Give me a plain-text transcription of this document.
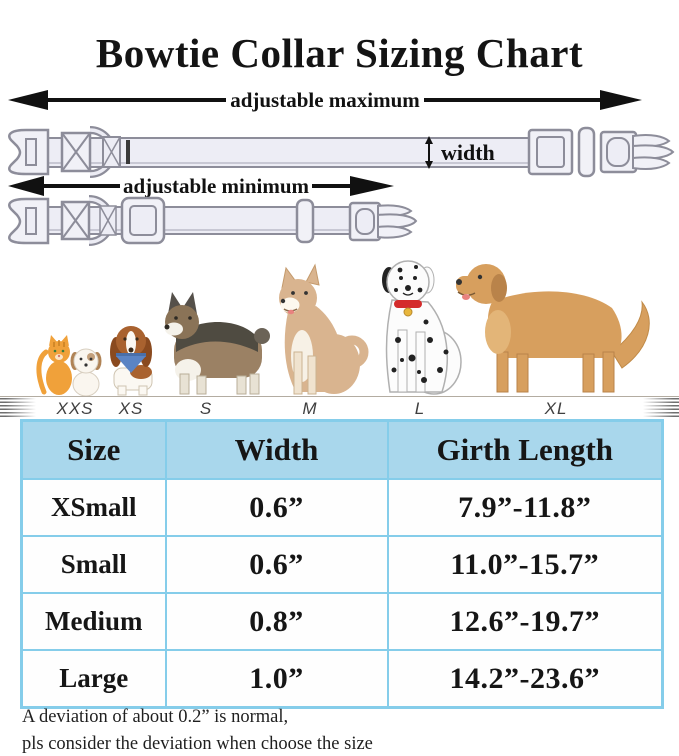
Bowtie Collar Sizing Chart
adjustable maximum
width
adjustable minimum
XXS XS	S	M	L	XL
Size	Width	Girth Length
XSmall	0.6”	7.9”-11.8”
Small	0.6”	11.0”-15.7”
Medium	0.8”	12.6”-19.7”
Large	1.0”	14.2”-23.6”
A deviation of about 0.2” is normal,
pls consider the deviation when choose the size
